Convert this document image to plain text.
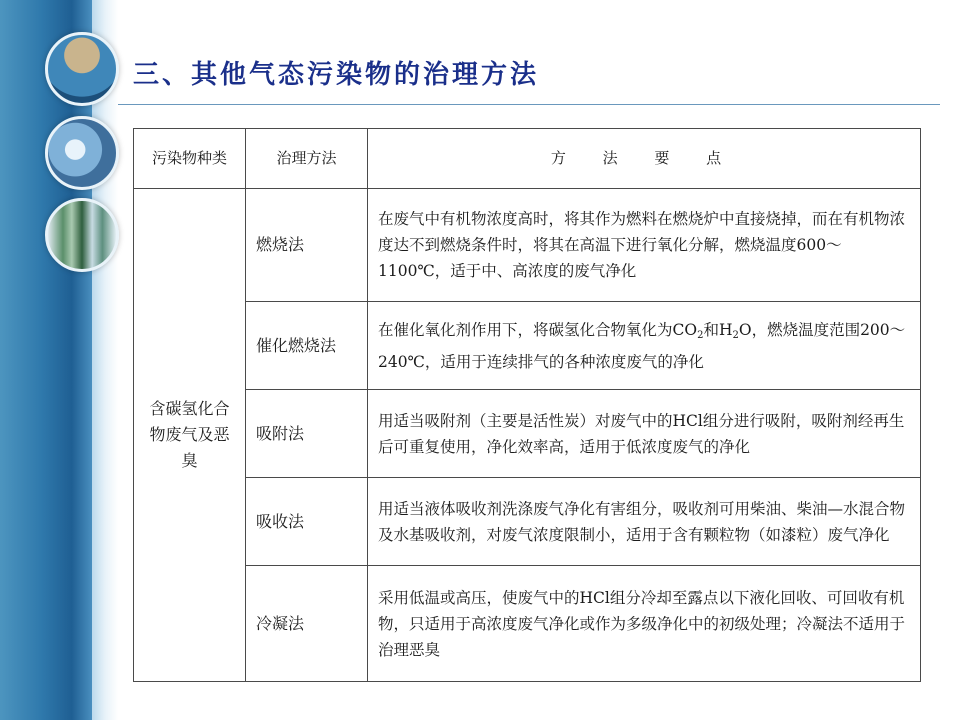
三、其他气态污染物的治理方法
污染物种类	治理方法	方 法 要 点
含碳氢化合物废气及恶臭	燃烧法	在废气中有机物浓度高时，将其作为燃料在燃烧炉中直接烧掉，而在有机物浓度达不到燃烧条件时，将其在高温下进行氧化分解，燃烧温度600～1100℃，适于中、高浓度的废气净化
	催化燃烧法	在催化氧化剂作用下，将碳氢化合物氧化为$CO_2$和$H_2O$，燃烧温度范围200～240℃，适用于连续排气的各种浓度废气的净化
	吸附法	用适当吸附剂（主要是活性炭）对废气中的HCl组分进行吸附，吸附剂经再生后可重复使用，净化效率高，适用于低浓度废气的净化
	吸收法	用适当液体吸收剂洗涤废气净化有害组分，吸收剂可用柴油、柴油—水混合物及水基吸收剂，对废气浓度限制小，适用于含有颗粒物（如漆粒）废气净化
	冷凝法	采用低温或高压，使废气中的HCl组分冷却至露点以下液化回收、可回收有机物，只适用于高浓度废气净化或作为多级净化中的初级处理；冷凝法不适用于治理恶臭
